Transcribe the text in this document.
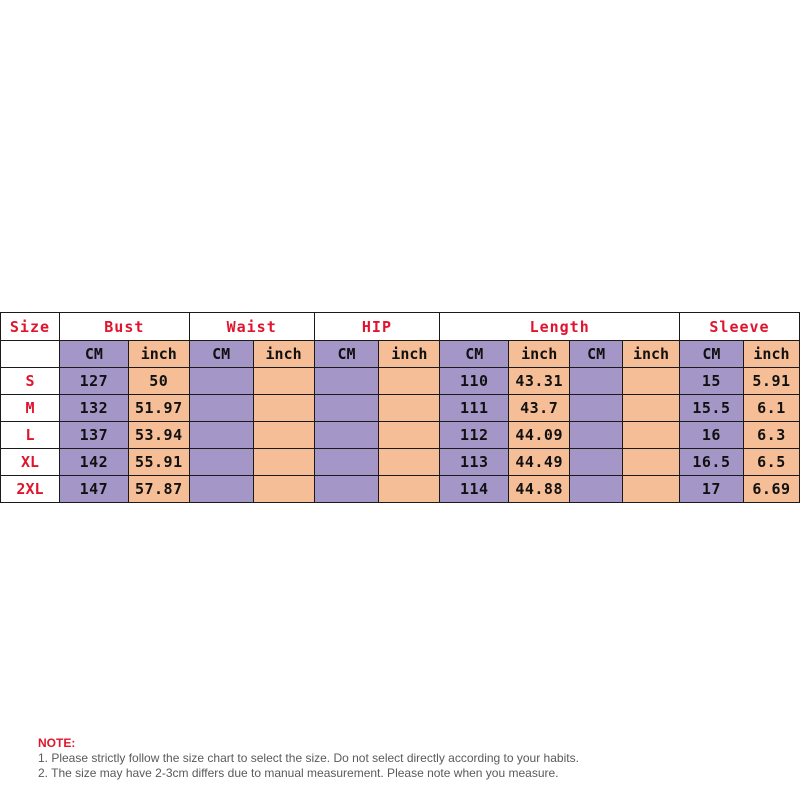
Size	Bust		Waist		HIP		Length				Sleeve	
	CM	inch	CM	inch	CM	inch	CM	inch	CM	inch	CM	inch
S	127	50					110	43.31			15	5.91
M	132	51.97					111	43.7			15.5	6.1
L	137	53.94					112	44.09			16	6.3
XL	142	55.91					113	44.49			16.5	6.5
2XL	147	57.87					114	44.88			17	6.69
NOTE:
1. Please strictly follow the size chart to select the size. Do not select directly according to your habits.
2. The size may have 2-3cm differs due to manual measurement. Please note when you measure.
